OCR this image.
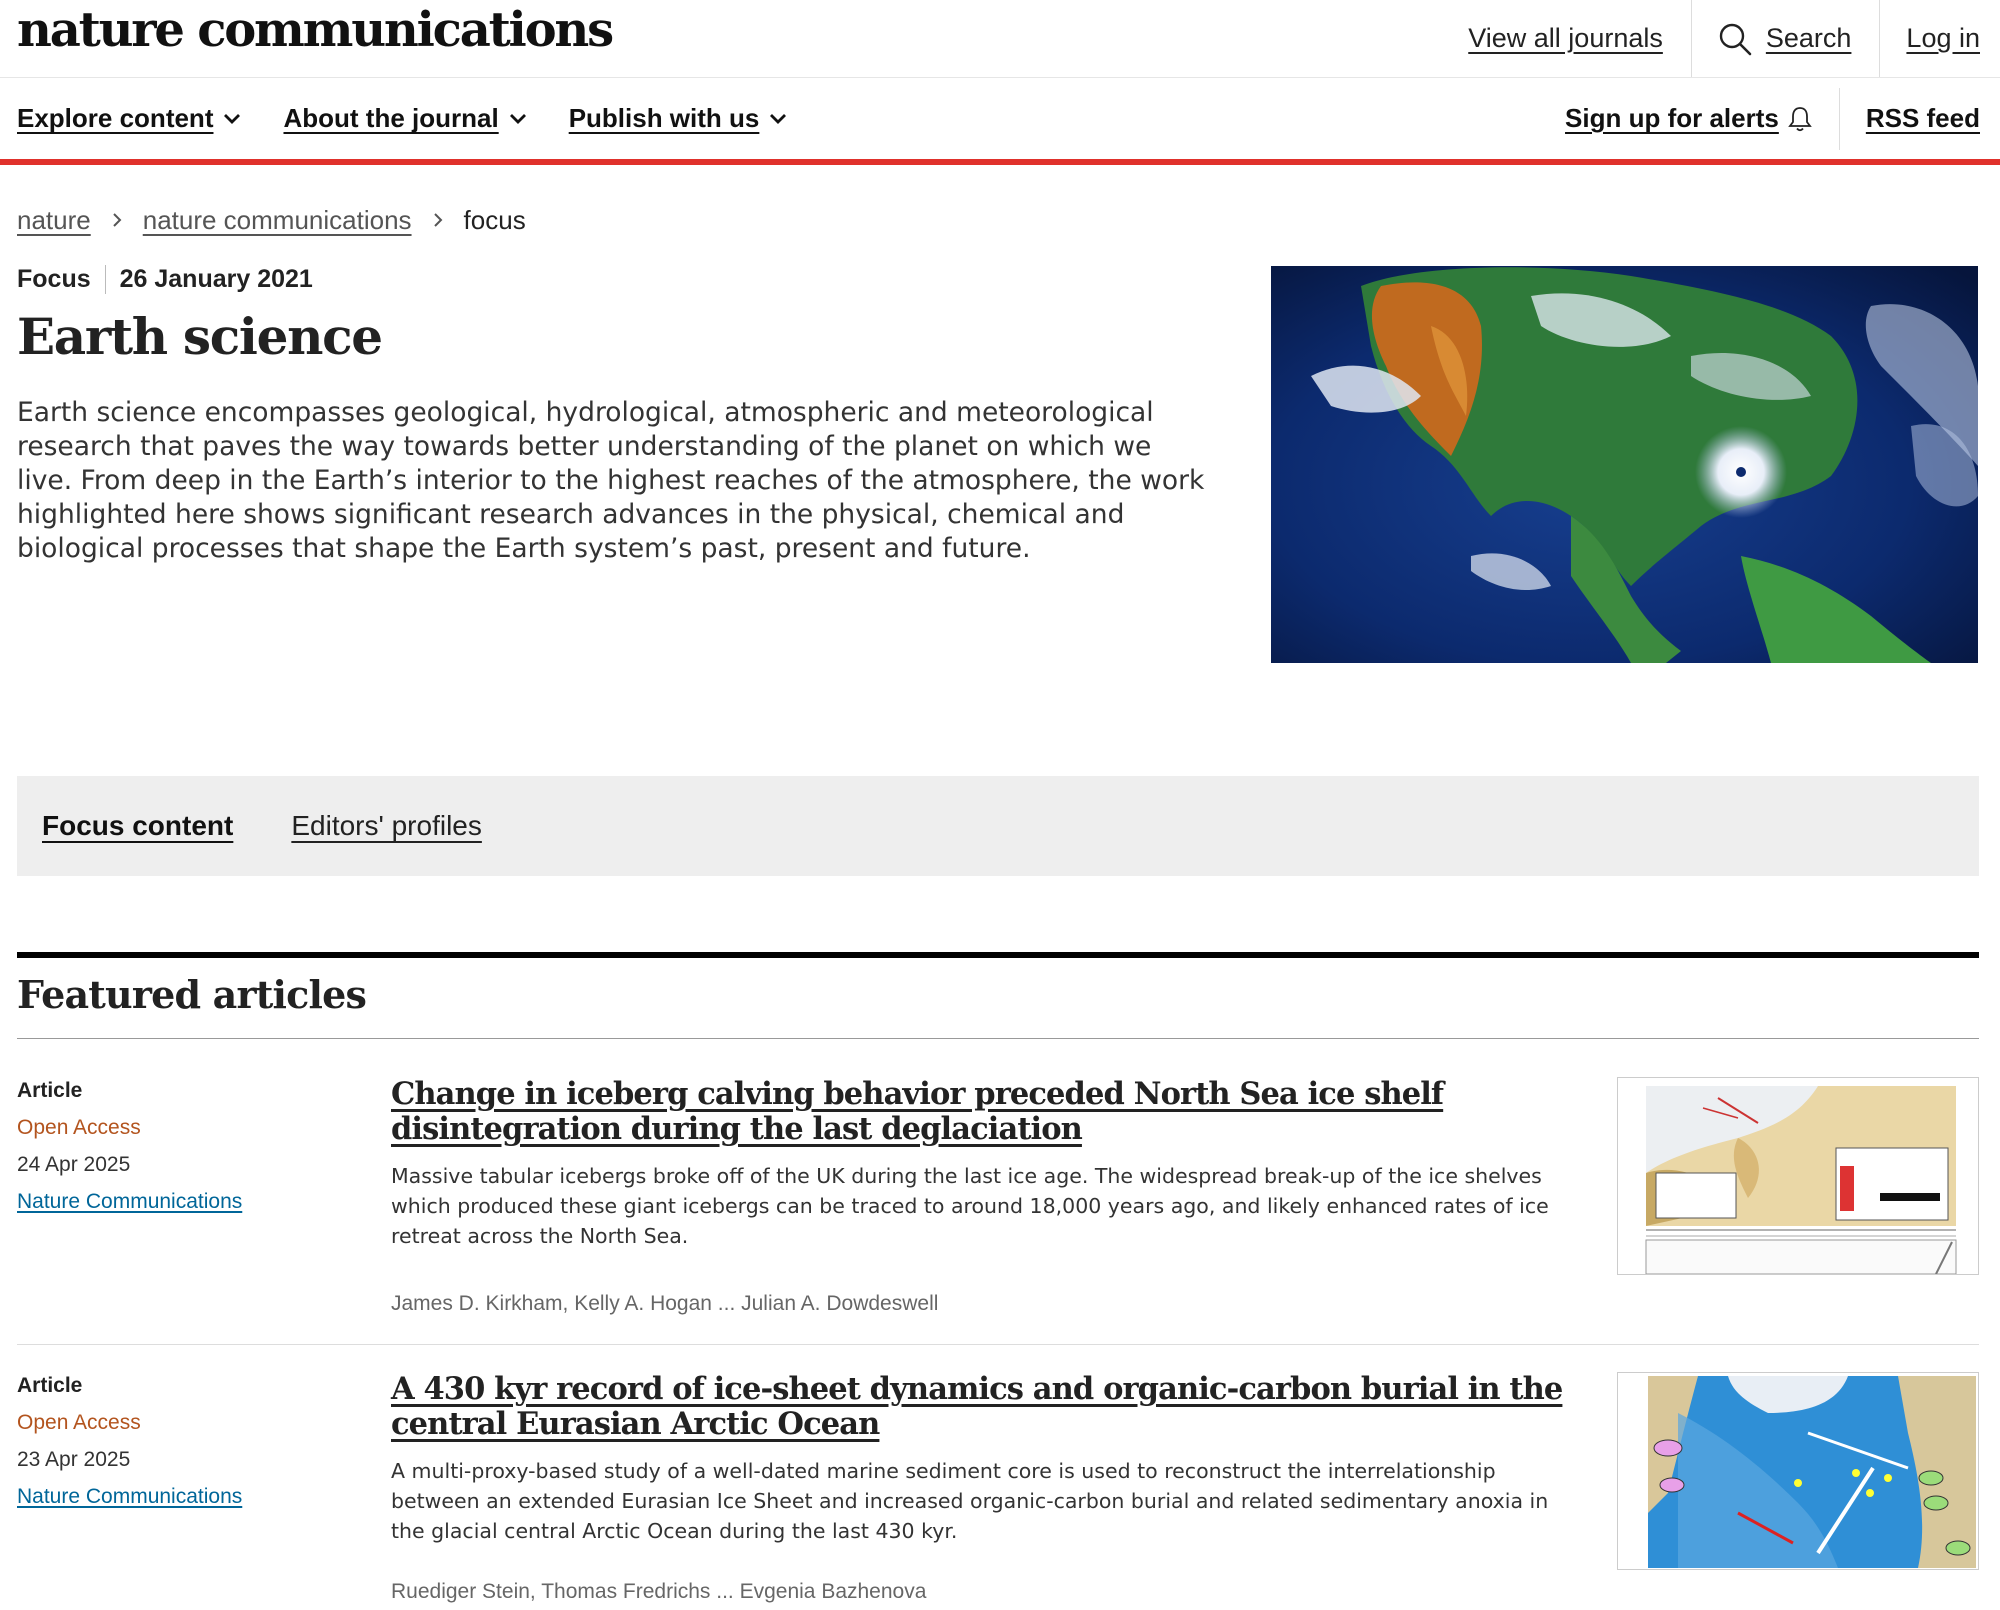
nature communications	View all journals	Search	Log in
Explore content	About the journal	Publish with us	Sign up for alerts	RSS feed
nature nature communications focus
Focus	26 January 2021
Earth science

Earth science encompasses geological, hydrological, atmospheric and meteorological research that paves the way towards better understanding of the planet on which we live. From deep in the Earth’s interior to the highest reaches of the atmosphere, the work highlighted here shows significant research advances in the physical, chemical and biological processes that shape the Earth system’s past, present and future.

Focus content Editors' profiles
Featured articles
Article
Open Access
24 Apr 2025
Nature Communications
Change in iceberg calving behavior preceded North Sea ice shelf disintegration during the last deglaciation

Massive tabular icebergs broke off of the UK during the last ice age. The widespread break-up of the ice shelves which produced these giant icebergs can be traced to around 18,000 years ago, and likely enhanced rates of ice retreat across the North Sea.

James D. Kirkham, Kelly A. Hogan ... Julian A. Dowdeswell
Article
Open Access
23 Apr 2025
Nature Communications
A 430 kyr record of ice-sheet dynamics and organic-carbon burial in the central Eurasian Arctic Ocean

A multi-proxy-based study of a well-dated marine sediment core is used to reconstruct the interrelationship between an extended Eurasian Ice Sheet and increased organic-carbon burial and related sedimentary anoxia in the glacial central Arctic Ocean during the last 430 kyr.

Ruediger Stein, Thomas Fredrichs ... Evgenia Bazhenova
